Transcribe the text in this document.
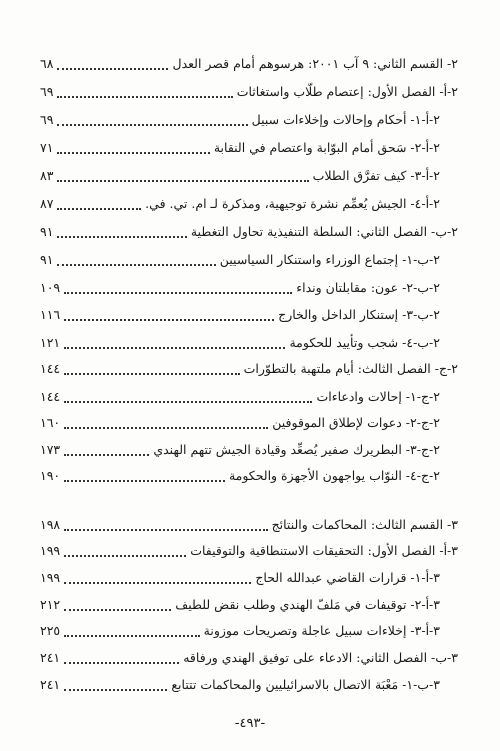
٢- القسم الثاني: ٩ آب ٢٠٠١: هرسوهم أمام قصر العدل
٦٨
٢-أ- الفصل الأول: إعتصام طلّاب واستغاثات
٦٩
٢-أ-١- أحكام وإحالات وإخلاءات سبيل
٦٩
٢-أ-٢- سَحق أمام البوّابة واعتصام في النقابة
٧١
٢-أ-٣- كيف تفرَّق الطلاب
٨٣
٢-أ-٤- الجيش يُعمِّم نشرة توجيهية، ومذكرة لـ ام. تي. في.
٨٧
٢-ب- الفصل الثاني: السلطة التنفيذية تحاول التغطية
٩١
٢-ب-١- إجتماع الوزراء واستنكار السياسيين
٩١
٢-ب-٢- عون: مقابلتان ونداء
١٠٩
٢-ب-٣- إستنكار الداخل والخارج
١١٦
٢-ب-٤- شجب وتأييد للحكومة
١٢١
٢-ج- الفصل الثالث: أيام ملتهبة بالتطوّرات
١٤٤
٢-ج-١- إحالات وادعاءات
١٤٤
٢-ج-٢- دعوات لإطلاق الموقوفين
١٦٠
٢-ج-٣- البطريرك صفير يُصعِّد وقيادة الجيش تتهم الهندي
١٧٣
٢-ج-٤- النوّاب يواجهون الأجهزة والحكومة
١٩٠
٣- القسم الثالث: المحاكمات والنتائج
١٩٨
٣-أ- الفصل الأول: التحقيقات الاستنطاقية والتوقيفات
١٩٩
٣-أ-١- قرارات القاضي عبدالله الحاج
١٩٩
٣-أ-٢- توقيفات في مَلفّ الهندي وطلب نقض للطيف
٢١٢
٣-أ-٣- إخلاءات سبيل عاجلة وتصريحات موزونة
٢٢٥
٣-ب- الفصل الثاني: الادعاء على توفيق الهندي ورفاقه
٢٤١
٣-ب-١- مَعْبَة الاتصال بالاسرائيليين والمحاكمات تتتابع
٢٤١
-٤٩٣-
